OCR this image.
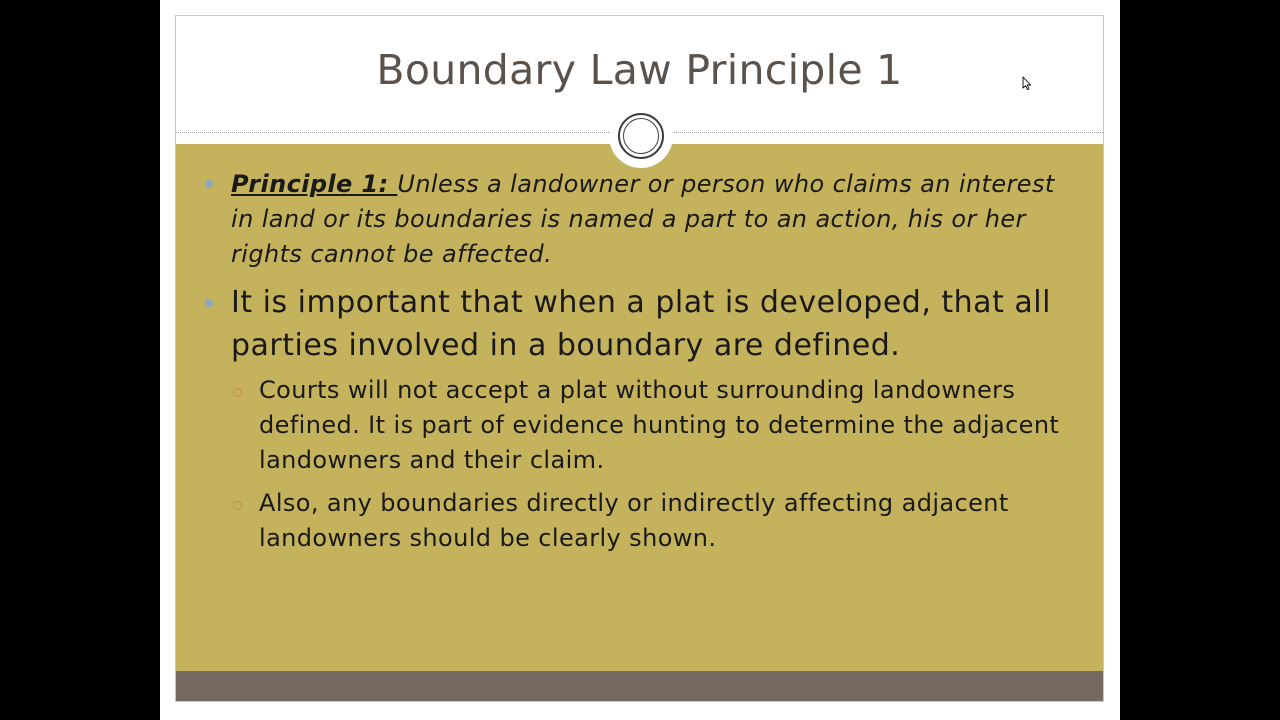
Boundary Law Principle 1
Principle 1: Unless a landowner or person who claims an interest in land or its boundaries is named a part to an action, his or her rights cannot be affected.
It is important that when a plat is developed, that all parties involved in a boundary are defined.
Courts will not accept a plat without surrounding landowners defined. It is part of evidence hunting to determine the adjacent landowners and their claim.
Also, any boundaries directly or indirectly affecting adjacent landowners should be clearly shown.
